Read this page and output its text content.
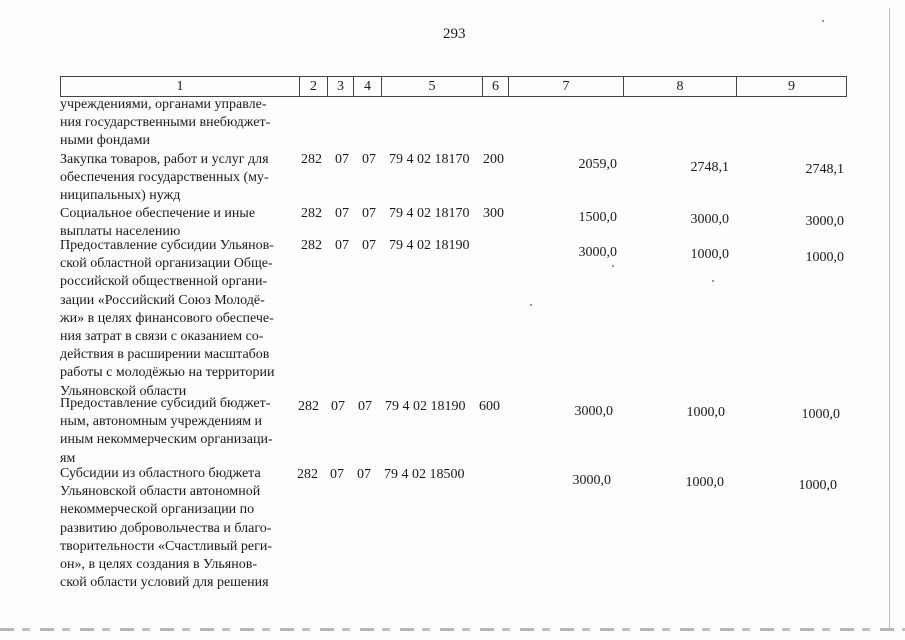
293
1	2	3	4	5	6	7	8	9
учреждениями, органами управле-
ния государственными внебюджет-
ными фондами
Закупка товаров, работ и услуг для
обеспечения государственных (му-
ниципальных) нужд
282 07 07 79 4 02 18170 200	2059,0	2748,1	2748,1
Социальное обеспечение и иные
выплаты населению
282 07 07 79 4 02 18170 300	1500,0	3000,0	3000,0
Предоставление субсидии Ульянов-
ской областной организации Обще-
российской общественной органи-
зации «Российский Союз Молодё-
жи» в целях финансового обеспече-
ния затрат в связи с оказанием со-
действия в расширении масштабов
работы с молодёжью на территории
Ульяновской области
282 07 07 79 4 02 18190	3000,0	1000,0	1000,0
Предоставление субсидий бюджет-
ным, автономным учреждениям и
иным некоммерческим организаци-
ям
282 07 07 79 4 02 18190 600	3000,0	1000,0	1000,0
Субсидии из областного бюджета
Ульяновской области автономной
некоммерческой организации по
развитию добровольчества и благо-
творительности «Счастливый реги-
он», в целях создания в Ульянов-
ской области условий для решения
282 07 07 79 4 02 18500	3000,0	1000,0	1000,0
